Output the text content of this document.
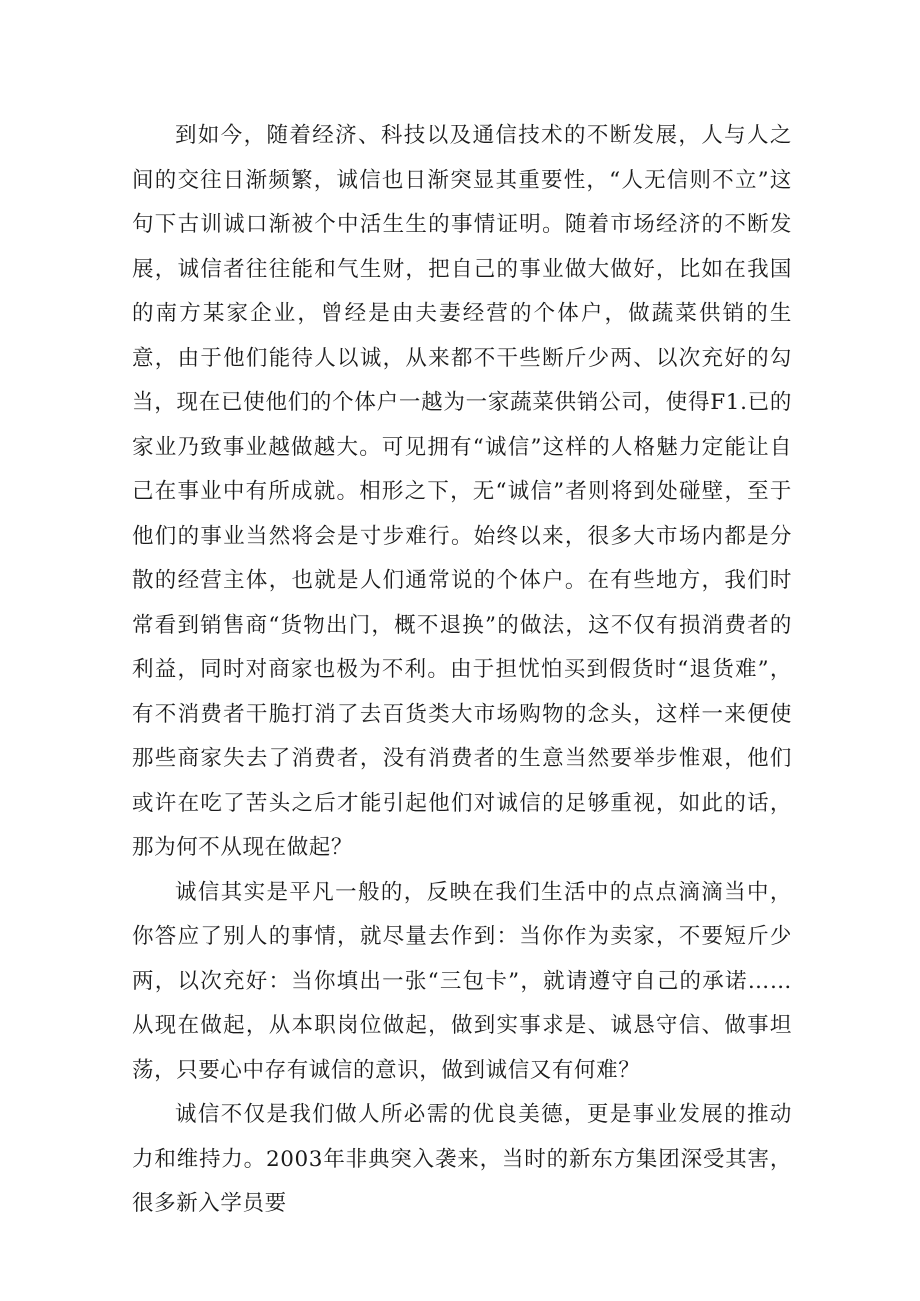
到如今，随着经济、科技以及通信技术的不断发展，人与人之间的交往日渐频繁，诚信也日渐突显其重要性，“人无信则不立”这句下古训诚口渐被个中活生生的事情证明。随着市场经济的不断发展，诚信者往往能和气生财，把自己的事业做大做好，比如在我国的南方某家企业，曾经是由夫妻经营的个体户，做蔬菜供销的生意，由于他们能待人以诚，从来都不干些断斤少两、以次充好的勾当，现在已使他们的个体户一越为一家蔬菜供销公司，使得F1.已的家业乃致事业越做越大。可见拥有“诚信”这样的人格魅力定能让自己在事业中有所成就。相形之下，无“诚信”者则将到处碰壁，至于他们的事业当然将会是寸步难行。始终以来，很多大市场内都是分散的经营主体，也就是人们通常说的个体户。在有些地方，我们时常看到销售商“货物出门，概不退换”的做法，这不仅有损消费者的利益，同时对商家也极为不利。由于担忧怕买到假货时“退货难”，有不消费者干脆打消了去百货类大市场购物的念头，这样一来便使那些商家失去了消费者，没有消费者的生意当然要举步惟艰，他们或许在吃了苦头之后才能引起他们对诚信的足够重视，如此的话，那为何不从现在做起？

诚信其实是平凡一般的，反映在我们生活中的点点滴滴当中，你答应了别人的事情，就尽量去作到：当你作为卖家，不要短斤少两，以次充好：当你填出一张“三包卡”，就请遵守自己的承诺……从现在做起，从本职岗位做起，做到实事求是、诚恳守信、做事坦荡，只要心中存有诚信的意识，做到诚信又有何难？

诚信不仅是我们做人所必需的优良美德，更是事业发展的推动力和维持力。2003年非典突入袭来，当时的新东方集团深受其害，很多新入学员要
